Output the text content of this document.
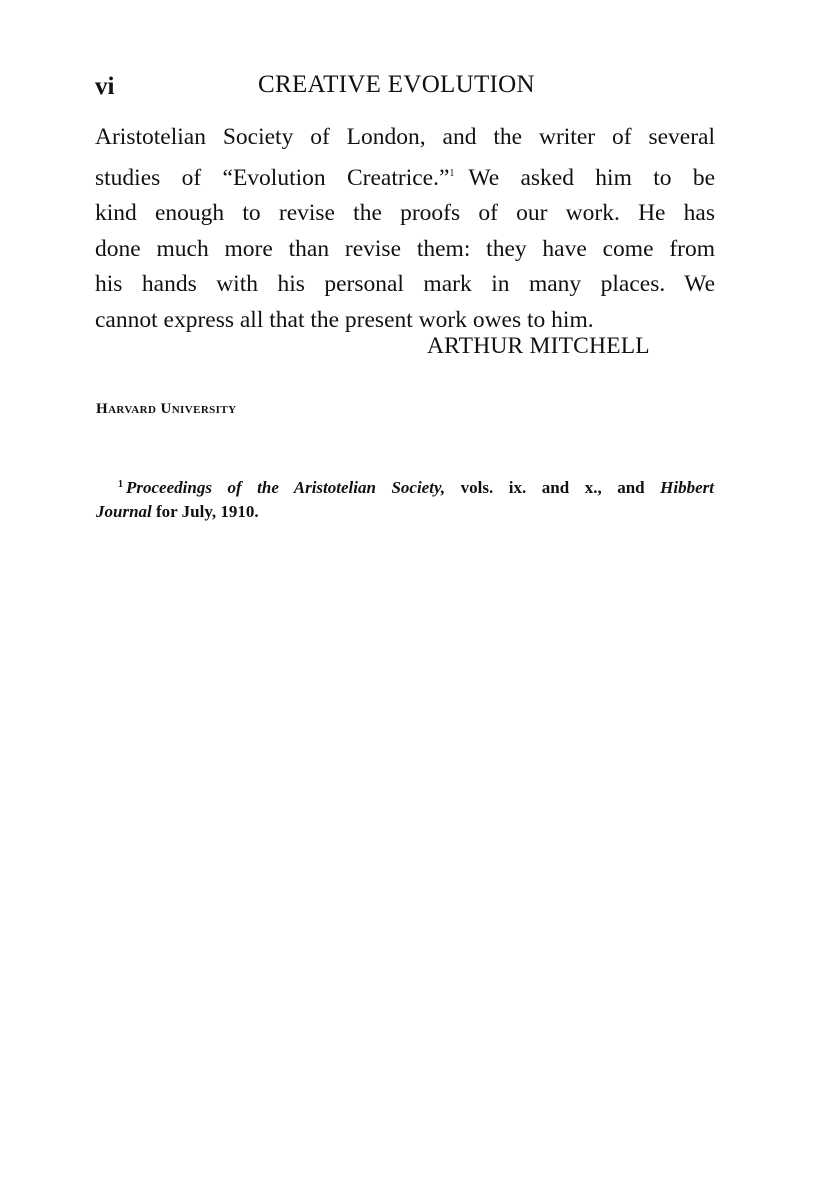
vi	CREATIVE EVOLUTION
Aristotelian Society of London, and the writer of several
studies of “Evolution Creatrice.”$^1$ We asked him to be
kind enough to revise the proofs of our work. He has
done much more than revise them: they have come from
his hands with his personal mark in many places. We
cannot express all that the present work owes to him.
ARTHUR MITCHELL
Harvard University
$^1$ Proceedings of the Aristotelian Society, vols. ix. and x., and Hibbert
Journal for July, 1910.
